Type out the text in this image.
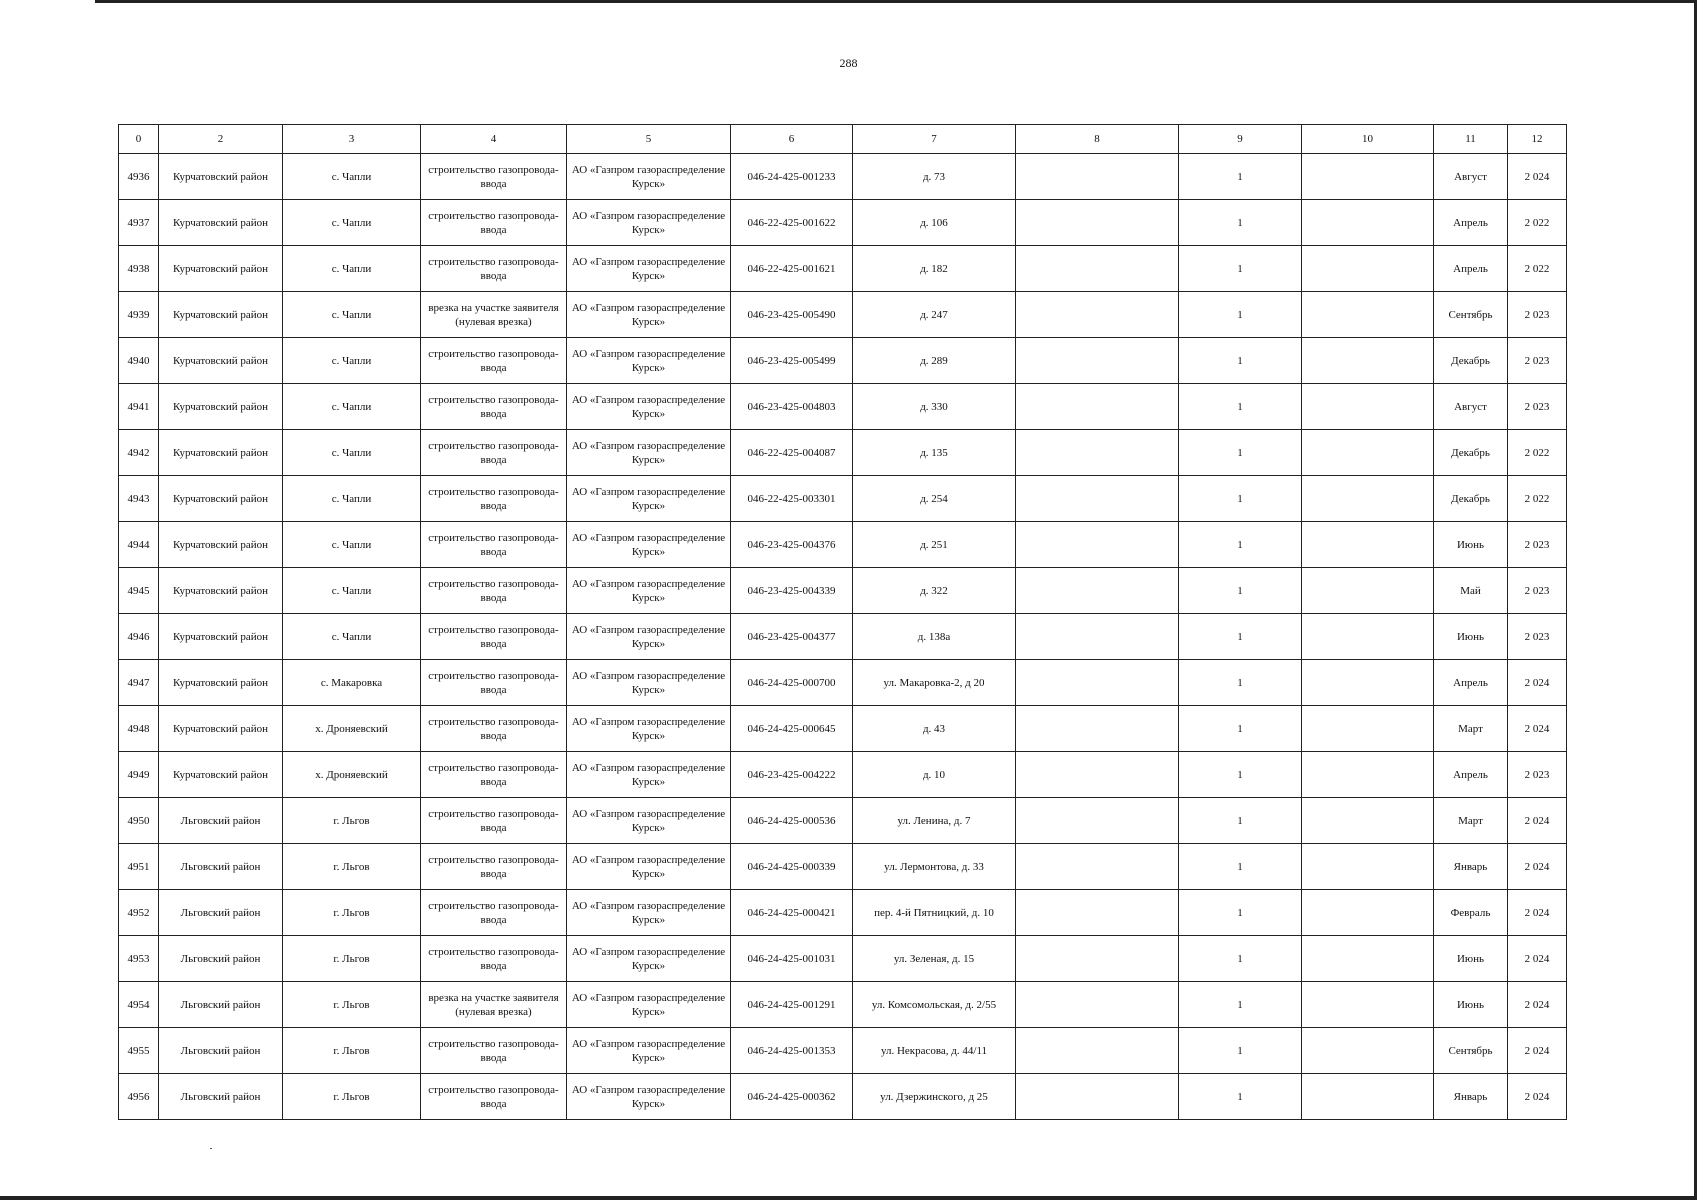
288
0	2	3	4	5	6	7	8	9	10	11	12
4936	Курчатовский район	с. Чапли	строительство газопровода-ввода	АО «Газпром газораспределение Курск»	046-24-425-001233	д. 73		1		Август	2 024
4937	Курчатовский район	с. Чапли	строительство газопровода-ввода	АО «Газпром газораспределение Курск»	046-22-425-001622	д. 106		1		Апрель	2 022
4938	Курчатовский район	с. Чапли	строительство газопровода-ввода	АО «Газпром газораспределение Курск»	046-22-425-001621	д. 182		1		Апрель	2 022
4939	Курчатовский район	с. Чапли	врезка на участке заявителя (нулевая врезка)	АО «Газпром газораспределение Курск»	046-23-425-005490	д. 247		1		Сентябрь	2 023
4940	Курчатовский район	с. Чапли	строительство газопровода-ввода	АО «Газпром газораспределение Курск»	046-23-425-005499	д. 289		1		Декабрь	2 023
4941	Курчатовский район	с. Чапли	строительство газопровода-ввода	АО «Газпром газораспределение Курск»	046-23-425-004803	д. 330		1		Август	2 023
4942	Курчатовский район	с. Чапли	строительство газопровода-ввода	АО «Газпром газораспределение Курск»	046-22-425-004087	д. 135		1		Декабрь	2 022
4943	Курчатовский район	с. Чапли	строительство газопровода-ввода	АО «Газпром газораспределение Курск»	046-22-425-003301	д. 254		1		Декабрь	2 022
4944	Курчатовский район	с. Чапли	строительство газопровода-ввода	АО «Газпром газораспределение Курск»	046-23-425-004376	д. 251		1		Июнь	2 023
4945	Курчатовский район	с. Чапли	строительство газопровода-ввода	АО «Газпром газораспределение Курск»	046-23-425-004339	д. 322		1		Май	2 023
4946	Курчатовский район	с. Чапли	строительство газопровода-ввода	АО «Газпром газораспределение Курск»	046-23-425-004377	д. 138а		1		Июнь	2 023
4947	Курчатовский район	с. Макаровка	строительство газопровода-ввода	АО «Газпром газораспределение Курск»	046-24-425-000700	ул. Макаровка-2, д 20		1		Апрель	2 024
4948	Курчатовский район	х. Дроняевский	строительство газопровода-ввода	АО «Газпром газораспределение Курск»	046-24-425-000645	д. 43		1		Март	2 024
4949	Курчатовский район	х. Дроняевский	строительство газопровода-ввода	АО «Газпром газораспределение Курск»	046-23-425-004222	д. 10		1		Апрель	2 023
4950	Льговский район	г. Льгов	строительство газопровода-ввода	АО «Газпром газораспределение Курск»	046-24-425-000536	ул. Ленина, д. 7		1		Март	2 024
4951	Льговский район	г. Льгов	строительство газопровода-ввода	АО «Газпром газораспределение Курск»	046-24-425-000339	ул. Лермонтова, д. 33		1		Январь	2 024
4952	Льговский район	г. Льгов	строительство газопровода-ввода	АО «Газпром газораспределение Курск»	046-24-425-000421	пер. 4-й Пятницкий, д. 10		1		Февраль	2 024
4953	Льговский район	г. Льгов	строительство газопровода-ввода	АО «Газпром газораспределение Курск»	046-24-425-001031	ул. Зеленая, д. 15		1		Июнь	2 024
4954	Льговский район	г. Льгов	врезка на участке заявителя (нулевая врезка)	АО «Газпром газораспределение Курск»	046-24-425-001291	ул. Комсомольская, д. 2/55		1		Июнь	2 024
4955	Льговский район	г. Льгов	строительство газопровода-ввода	АО «Газпром газораспределение Курск»	046-24-425-001353	ул. Некрасова, д. 44/11		1		Сентябрь	2 024
4956	Льговский район	г. Льгов	строительство газопровода-ввода	АО «Газпром газораспределение Курск»	046-24-425-000362	ул. Дзержинского, д 25		1		Январь	2 024
